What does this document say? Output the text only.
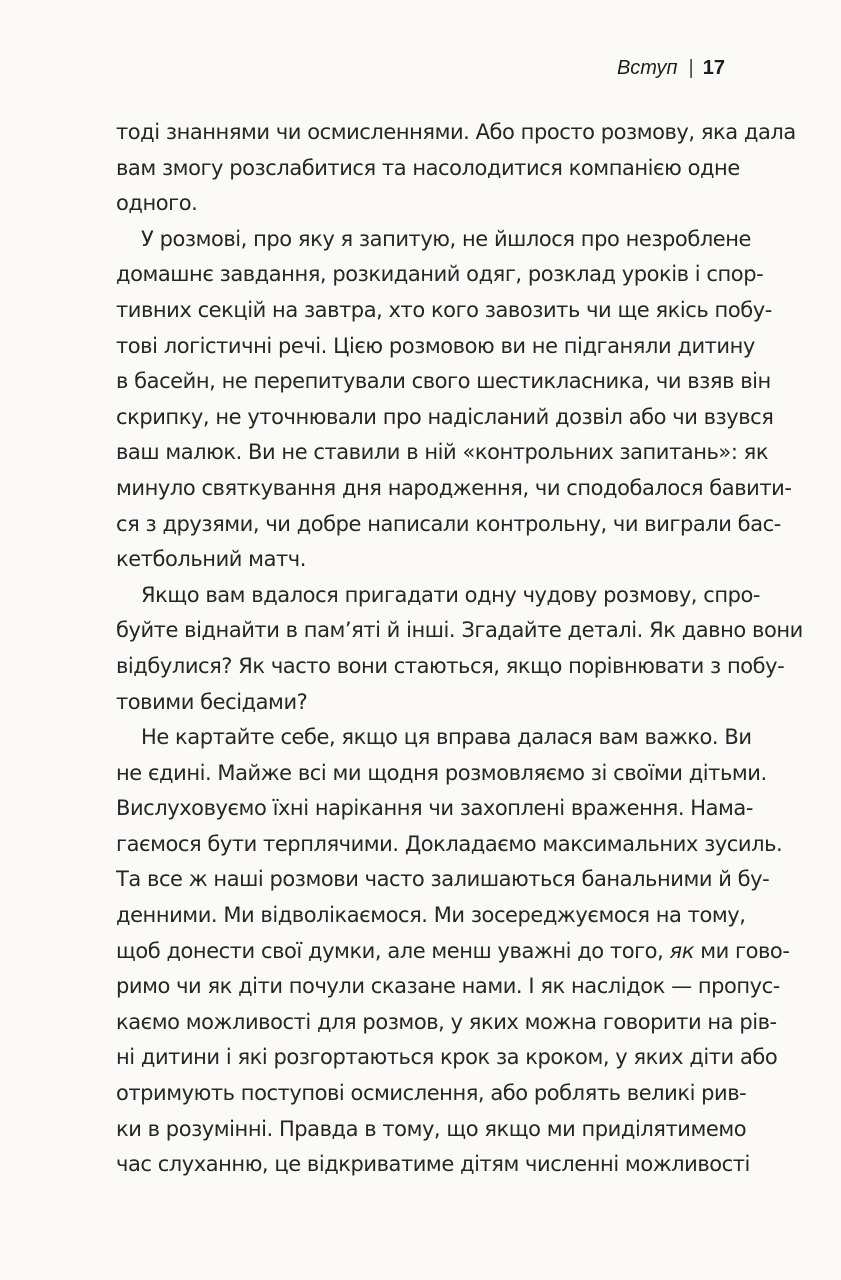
Вступ | 17
тоді знаннями чи осмисленнями. Або просто розмову, яка дала
вам змогу розслабитися та насолодитися компанією одне
одного.
У розмові, про яку я запитую, не йшлося про незроблене
домашнє завдання, розкиданий одяг, розклад уроків і спор-
тивних секцій на завтра, хто кого завозить чи ще якісь побу-
тові логістичні речі. Цією розмовою ви не підганяли дитину
в басейн, не перепитували свого шестикласника, чи взяв він
скрипку, не уточнювали про надісланий дозвіл або чи взувся
ваш малюк. Ви не ставили в ній «контрольних запитань»: як
минуло святкування дня народження, чи сподобалося бавити-
ся з друзями, чи добре написали контрольну, чи виграли бас-
кетбольний матч.
Якщо вам вдалося пригадати одну чудову розмову, спро-
буйте віднайти в пам’яті й інші. Згадайте деталі. Як давно вони
відбулися? Як часто вони стаються, якщо порівнювати з побу-
товими бесідами?
Не картайте себе, якщо ця вправа далася вам важко. Ви
не єдині. Майже всі ми щодня розмовляємо зі своїми дітьми.
Вислуховуємо їхні нарікання чи захоплені враження. Нама-
гаємося бути терплячими. Докладаємо максимальних зусиль.
Та все ж наші розмови часто залишаються банальними й бу-
денними. Ми відволікаємося. Ми зосереджуємося на тому,
щоб донести свої думки, але менш уважні до того, як ми гово-
римо чи як діти почули сказане нами. І як наслідок — пропус-
каємо можливості для розмов, у яких можна говорити на рів-
ні дитини і які розгортаються крок за кроком, у яких діти або
отримують поступові осмислення, або роблять великі рив-
ки в розумінні. Правда в тому, що якщо ми приділятимемо
час слуханню, це відкриватиме дітям численні можливості
